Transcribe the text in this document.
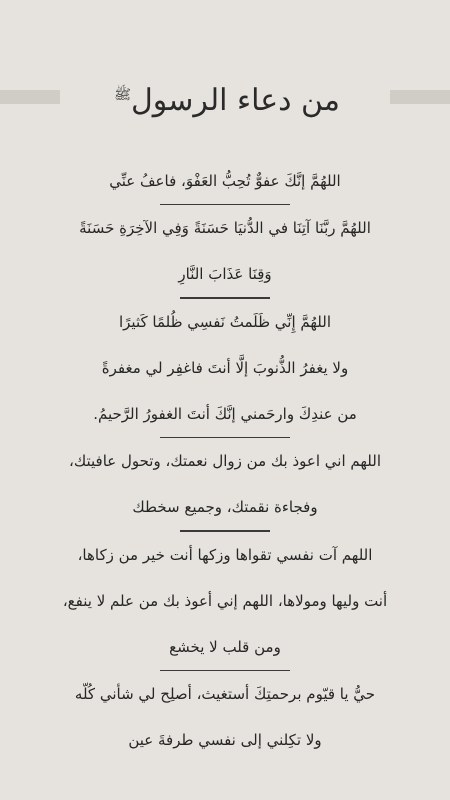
من دعاء الرسول$^ﷺ$
اللهُمَّ إنَّكَ عفوٌّ تُحِبُّ العَفْوَ، فاعفُ عنِّي
اللهُمَّ ربَّنَا آتِنَا في الدُّنيَا حَسَنَةً وَفِي الآخِرَةِ حَسَنَةً
وَقِنَا عَذَابَ النَّارِ
اللهُمَّ إِنِّي ظَلَمتُ نَفسِي ظُلمًا كَثيرًا
ولا يغفرُ الذُّنوبَ إلَّا أنتَ فاغفِر لي مغفرةً
من عندِكَ وارحَمني إنَّكَ أنتَ الغفورُ الرَّحيمُ.
اللهم اني اعوذ بك من زوال نعمتك، وتحول عافيتك،
وفجاءة نقمتك، وجميع سخطك
اللهم آت نفسي تقواها وزكها أنت خير من زكاها،
أنت وليها ومولاها، اللهم إني أعوذ بك من علم لا ينفع،
ومن قلب لا يخشع
حيُّ يا قيّوم برحمتِكَ أستغيث، أصلِح لي شأني كُلّه
ولا تكِلني إلى نفسي طرفةَ عين
